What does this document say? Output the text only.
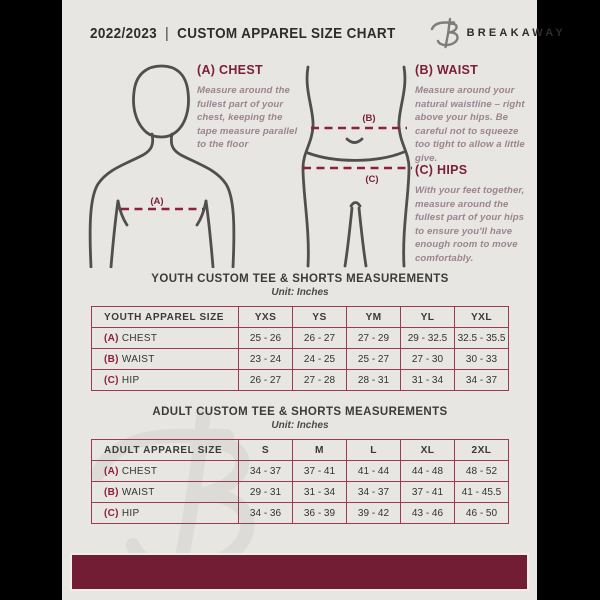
2022/2023 | CUSTOM APPAREL SIZE CHART	BREAKAWAY
(A)
(B)
(C)

(A) CHEST

Measure around the fullest part of your chest, keeping the tape measure parallel to the floor

(B) WAIST

Measure around your natural waistline – right above your hips. Be careful not to squeeze too tight to allow a little give.

(C) HIPS

With your feet together, measure around the fullest part of your hips to ensure you'll have enough room to move comfortably.

YOUTH CUSTOM TEE & SHORTS MEASUREMENTS
Unit: Inches
YOUTH APPAREL SIZE	YXS	YS	YM	YL	YXL
(A) CHEST	25 - 26	26 - 27	27 - 29	29 - 32.5	32.5 - 35.5
(B) WAIST	23 - 24	24 - 25	25 - 27	27 - 30	30 - 33
(C) HIP	26 - 27	27 - 28	28 - 31	31 - 34	34 - 37
ADULT CUSTOM TEE & SHORTS MEASUREMENTS
Unit: Inches
ADULT APPAREL SIZE	S	M	L	XL	2XL
(A) CHEST	34 - 37	37 - 41	41 - 44	44 - 48	48 - 52
(B) WAIST	29 - 31	31 - 34	34 - 37	37 - 41	41 - 45.5
(C) HIP	34 - 36	36 - 39	39 - 42	43 - 46	46 - 50
